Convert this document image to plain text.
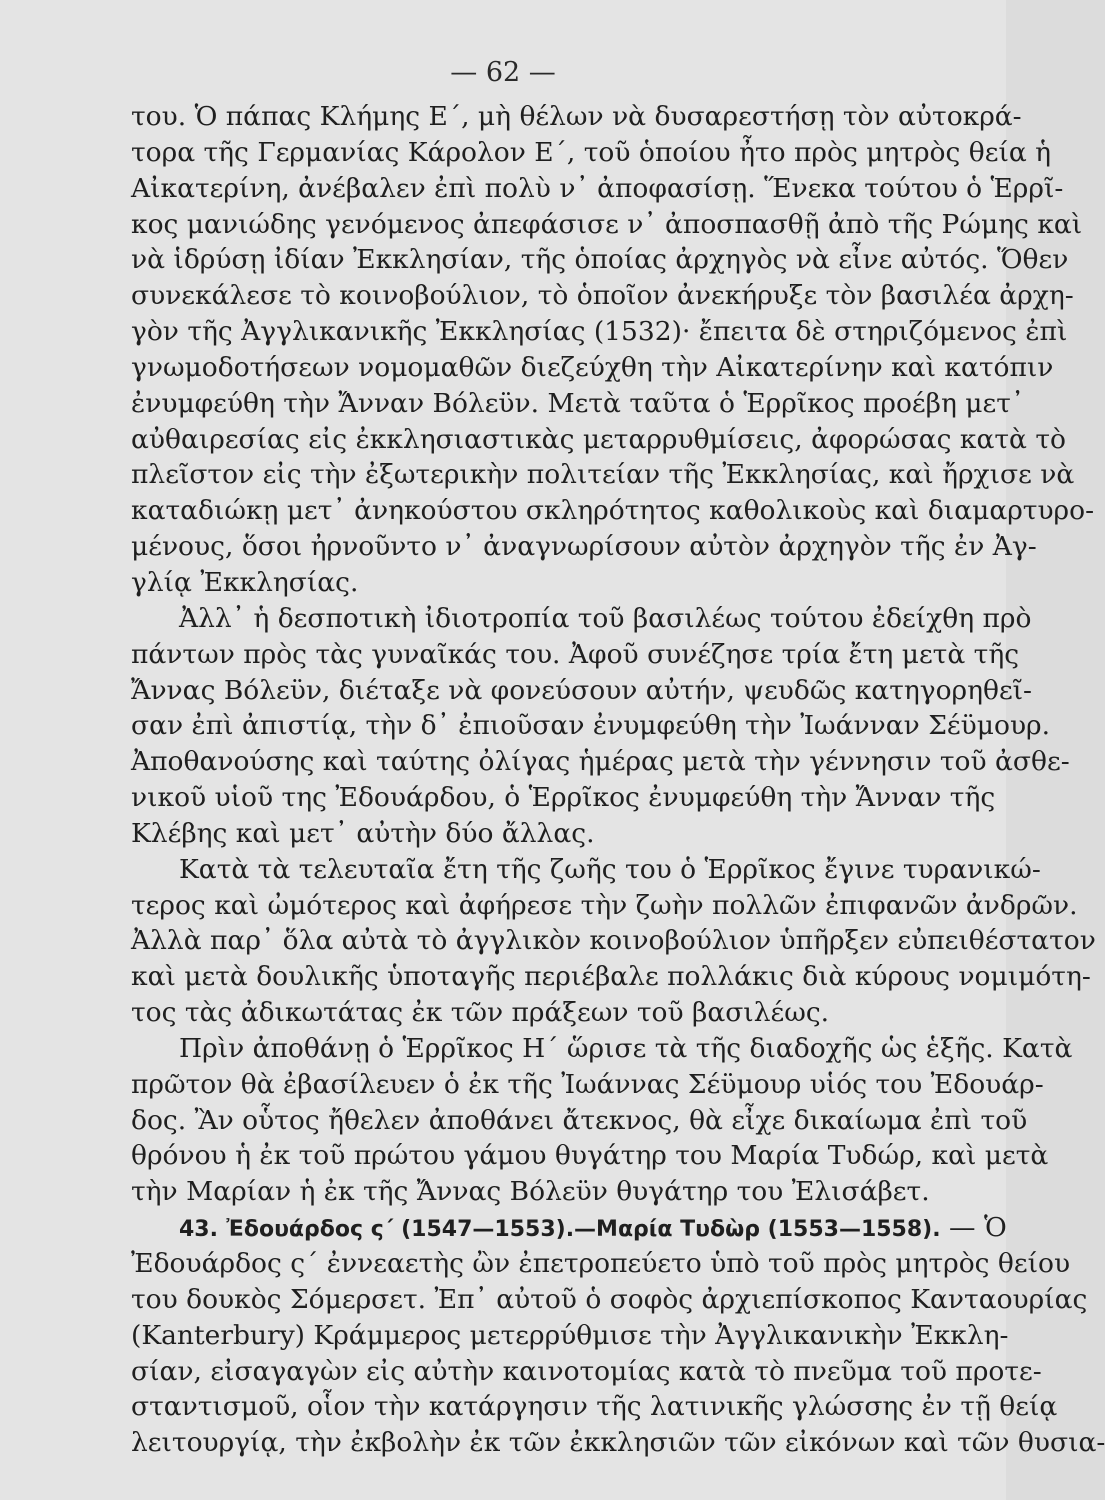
— 62 —
του. Ὁ πάπας Κλήμης Ε΄, μὴ θέλων νὰ δυσαρεστήσῃ τὸν αὐτοκρά-
τορα τῆς Γερμανίας Κάρολον Ε΄, τοῦ ὁποίου ἦτο πρὸς μητρὸς θεία ἡ
Αἰκατερίνη, ἀνέβαλεν ἐπὶ πολὺ ν᾿ ἀποφασίσῃ. Ἕνεκα τούτου ὁ Ἑρρῖ-
κος μανιώδης γενόμενος ἀπεφάσισε ν᾿ ἀποσπασθῇ ἀπὸ τῆς Ρώμης καὶ
νὰ ἱδρύσῃ ἰδίαν Ἐκκλησίαν, τῆς ὁποίας ἀρχηγὸς νὰ εἶνε αὐτός. Ὅθεν
συνεκάλεσε τὸ κοινοβούλιον, τὸ ὁποῖον ἀνεκήρυξε τὸν βασιλέα ἀρχη-
γὸν τῆς Ἀγγλικανικῆς Ἐκκλησίας (1532)· ἔπειτα δὲ στηριζόμενος ἐπὶ
γνωμοδοτήσεων νομομαθῶν διεζεύχθη τὴν Αἰκατερίνην καὶ κατόπιν
ἐνυμφεύθη τὴν Ἄνναν Βόλεϋν. Μετὰ ταῦτα ὁ Ἑρρῖκος προέβη μετ᾿
αὐθαιρεσίας εἰς ἐκκλησιαστικὰς μεταρρυθμίσεις, ἀφορώσας κατὰ τὸ
πλεῖστον εἰς τὴν ἐξωτερικὴν πολιτείαν τῆς Ἐκκλησίας, καὶ ἤρχισε νὰ
καταδιώκῃ μετ᾿ ἀνηκούστου σκληρότητος καθολικοὺς καὶ διαμαρτυρο-
μένους, ὅσοι ἠρνοῦντο ν᾿ ἀναγνωρίσουν αὐτὸν ἀρχηγὸν τῆς ἐν Ἀγ-
γλίᾳ Ἐκκλησίας.
Ἀλλ᾿ ἡ δεσποτικὴ ἰδιοτροπία τοῦ βασιλέως τούτου ἐδείχθη πρὸ
πάντων πρὸς τὰς γυναῖκάς του. Ἀφοῦ συνέζησε τρία ἔτη μετὰ τῆς
Ἄννας Βόλεϋν, διέταξε νὰ φονεύσουν αὐτήν, ψευδῶς κατηγορηθεῖ-
σαν ἐπὶ ἀπιστίᾳ, τὴν δ᾿ ἐπιοῦσαν ἐνυμφεύθη τὴν Ἰωάνναν Σέϋμουρ.
Ἀποθανούσης καὶ ταύτης ὀλίγας ἡμέρας μετὰ τὴν γέννησιν τοῦ ἀσθε-
νικοῦ υἱοῦ της Ἐδουάρδου, ὁ Ἑρρῖκος ἐνυμφεύθη τὴν Ἄνναν τῆς
Κλέβης καὶ μετ᾿ αὐτὴν δύο ἄλλας.
Κατὰ τὰ τελευταῖα ἔτη τῆς ζωῆς του ὁ Ἑρρῖκος ἔγινε τυρανικώ-
τερος καὶ ὠμότερος καὶ ἀφήρεσε τὴν ζωὴν πολλῶν ἐπιφανῶν ἀνδρῶν.
Ἀλλὰ παρ᾿ ὅλα αὐτὰ τὸ ἀγγλικὸν κοινοβούλιον ὑπῆρξεν εὐπειθέστατον
καὶ μετὰ δουλικῆς ὑποταγῆς περιέβαλε πολλάκις διὰ κύρους νομιμότη-
τος τὰς ἀδικωτάτας ἐκ τῶν πράξεων τοῦ βασιλέως.
Πρὶν ἀποθάνῃ ὁ Ἑρρῖκος Η΄ ὥρισε τὰ τῆς διαδοχῆς ὡς ἑξῆς. Κατὰ
πρῶτον θὰ ἐβασίλευεν ὁ ἐκ τῆς Ἰωάννας Σέϋμουρ υἱός του Ἐδουάρ-
δος. Ἂν οὗτος ἤθελεν ἀποθάνει ἄτεκνος, θὰ εἶχε δικαίωμα ἐπὶ τοῦ
θρόνου ἡ ἐκ τοῦ πρώτου γάμου θυγάτηρ του Μαρία Τυδώρ, καὶ μετὰ
τὴν Μαρίαν ἡ ἐκ τῆς Ἄννας Βόλεϋν θυγάτηρ του Ἐλισάβετ.
43. Ἐδουάρδος ς΄ (1547—1553).—Μαρία Τυδὼρ (1553—1558). — Ὁ
Ἐδουάρδος ς΄ ἐννεαετὴς ὢν ἐπετροπεύετο ὑπὸ τοῦ πρὸς μητρὸς θείου
του δουκὸς Σόμερσετ. Ἐπ᾿ αὐτοῦ ὁ σοφὸς ἀρχιεπίσκοπος Κανταουρίας
(Kanterbury) Κράμμερος μετερρύθμισε τὴν Ἀγγλικανικὴν Ἐκκλη-
σίαν, εἰσαγαγὼν εἰς αὐτὴν καινοτομίας κατὰ τὸ πνεῦμα τοῦ προτε-
σταντισμοῦ, οἷον τὴν κατάργησιν τῆς λατινικῆς γλώσσης ἐν τῇ θείᾳ
λειτουργίᾳ, τὴν ἐκβολὴν ἐκ τῶν ἐκκλησιῶν τῶν εἰκόνων καὶ τῶν θυσια-
